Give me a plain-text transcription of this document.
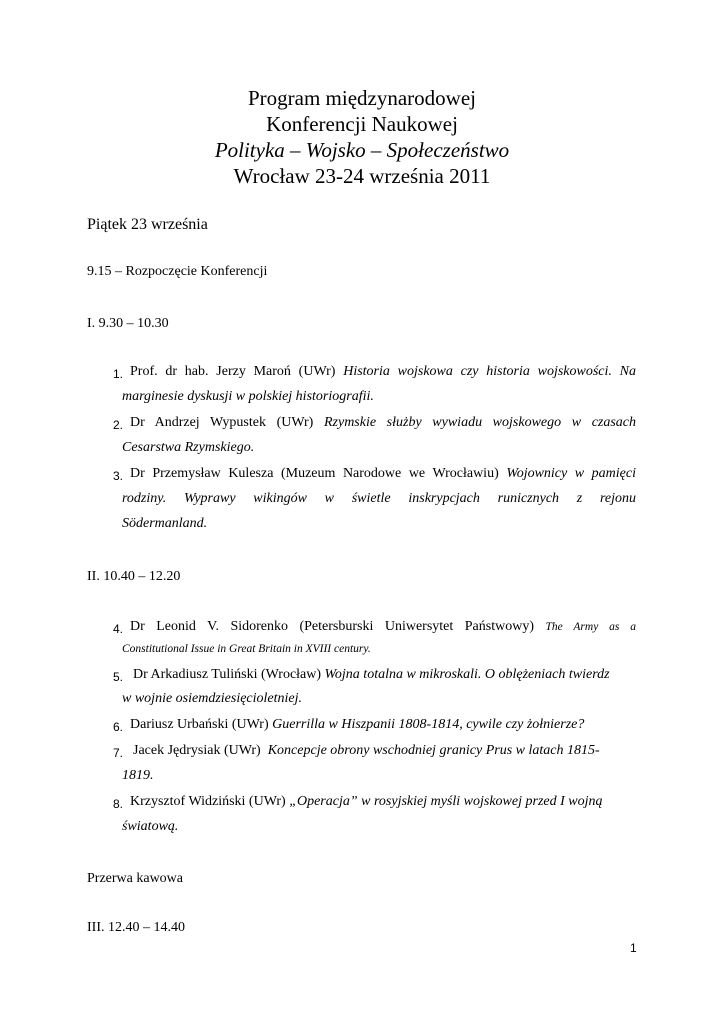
Program międzynarodowej
Konferencji Naukowej
Polityka – Wojsko – Społeczeństwo
Wrocław 23-24 września 2011
Piątek 23 września
9.15 – Rozpoczęcie Konferencji
I. 9.30 – 10.30
1. Prof. dr hab. Jerzy Maroń (UWr) Historia wojskowa czy historia wojskowości. Na
marginesie dyskusji w polskiej historiografii.
2. Dr Andrzej Wypustek (UWr) Rzymskie służby wywiadu wojskowego w czasach
Cesarstwa Rzymskiego.
3. Dr Przemysław Kulesza (Muzeum Narodowe we Wrocławiu) Wojownicy w pamięci
rodziny. Wyprawy wikingów w świetle inskrypcjach runicznych z rejonu
Södermanland.
II. 10.40 – 12.20
4. Dr Leonid V. Sidorenko (Petersburski Uniwersytet Państwowy) The Army as a
Constitutional Issue in Great Britain in XVIII century.
5. Dr Arkadiusz Tuliński (Wrocław) Wojna totalna w mikroskali. O oblężeniach twierdz
w wojnie osiemdziesięcioletniej.
6. Dariusz Urbański (UWr) Guerrilla w Hiszpanii 1808-1814, cywile czy żołnierze?
7. Jacek Jędrysiak (UWr) Koncepcje obrony wschodniej granicy Prus w latach 1815-
1819.
8. Krzysztof Widziński (UWr) „Operacja” w rosyjskiej myśli wojskowej przed I wojną
światową.
Przerwa kawowa
III. 12.40 – 14.40
1
